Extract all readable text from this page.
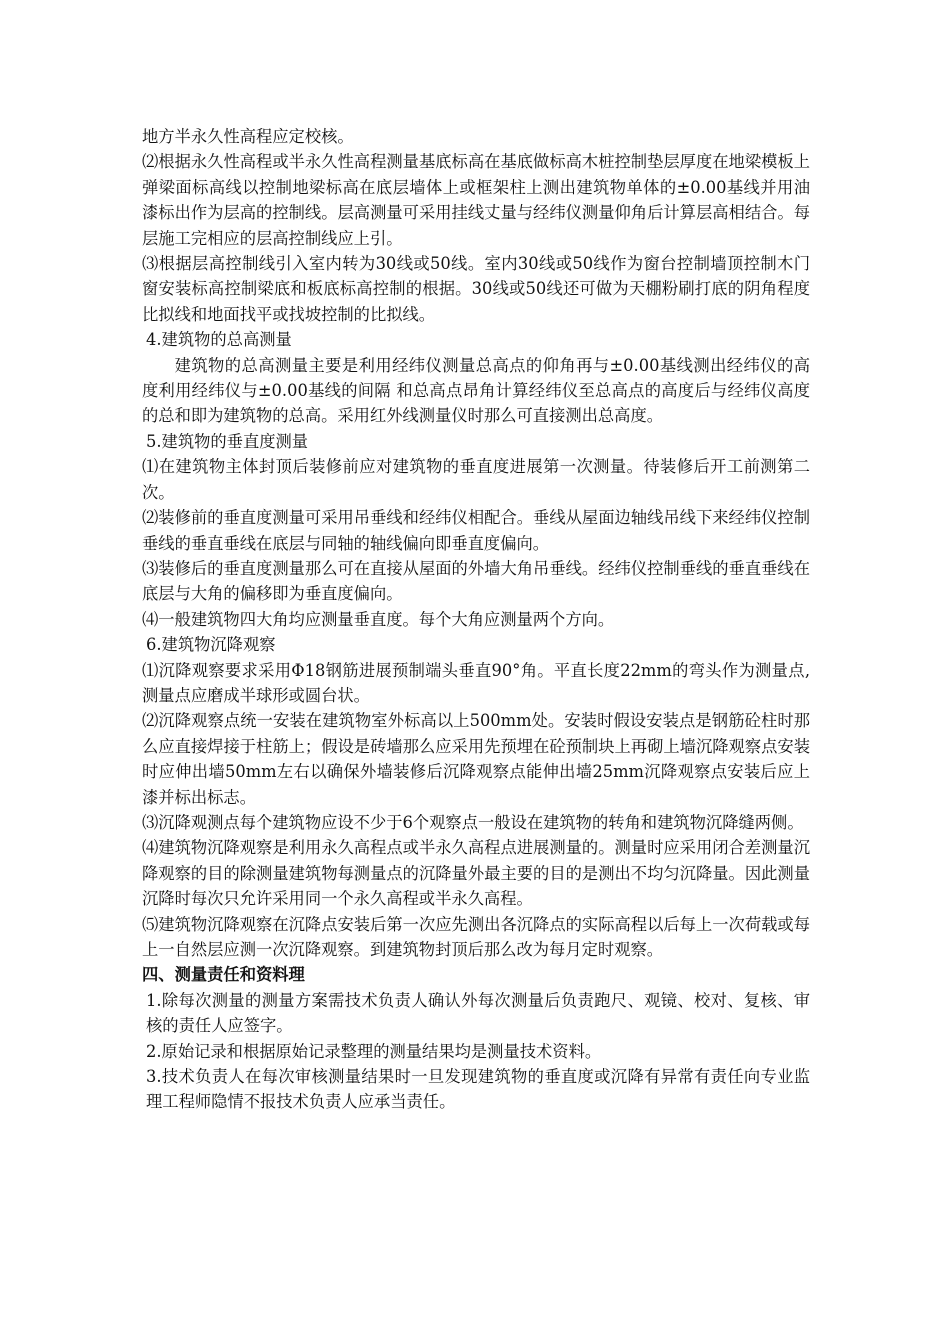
地方半永久性高程应定校核。

⑵根据永久性高程或半永久性高程测量基底标高在基底做标高木桩控制垫层厚度在地梁模板上弹梁面标高线以控制地梁标高在底层墙体上或框架柱上测出建筑物单体的±0.00基线并用油漆标出作为层高的控制线。层高测量可采用挂线丈量与经纬仪测量仰角后计算层高相结合。每层施工完相应的层高控制线应上引。

⑶根据层高控制线引入室内转为30线或50线。室内30线或50线作为窗台控制墙顶控制木门窗安装标高控制梁底和板底标高控制的根据。30线或50线还可做为天棚粉刷打底的阴角程度比拟线和地面找平或找坡控制的比拟线。

4.建筑物的总高测量

建筑物的总高测量主要是利用经纬仪测量总高点的仰角再与±0.00基线测出经纬仪的高度利用经纬仪与±0.00基线的间隔 和总高点昂角计算经纬仪至总高点的高度后与经纬仪高度的总和即为建筑物的总高。采用红外线测量仪时那么可直接测出总高度。

5.建筑物的垂直度测量

⑴在建筑物主体封顶后装修前应对建筑物的垂直度进展第一次测量。待装修后开工前测第二次。

⑵装修前的垂直度测量可采用吊垂线和经纬仪相配合。垂线从屋面边轴线吊线下来经纬仪控制垂线的垂直垂线在底层与同轴的轴线偏向即垂直度偏向。

⑶装修后的垂直度测量那么可在直接从屋面的外墙大角吊垂线。经纬仪控制垂线的垂直垂线在底层与大角的偏移即为垂直度偏向。

⑷一般建筑物四大角均应测量垂直度。每个大角应测量两个方向。

6.建筑物沉降观察

⑴沉降观察要求采用Φ18钢筋进展预制端头垂直90°角。平直长度22mm的弯头作为测量点,测量点应磨成半球形或圆台状。

⑵沉降观察点统一安装在建筑物室外标高以上500mm处。安装时假设安装点是钢筋砼柱时那么应直接焊接于柱筋上；假设是砖墙那么应采用先预埋在砼预制块上再砌上墙沉降观察点安装时应伸出墙50mm左右以确保外墙装修后沉降观察点能伸出墙25mm沉降观察点安装后应上漆并标出标志。

⑶沉降观测点每个建筑物应设不少于6个观察点一般设在建筑物的转角和建筑物沉降缝两侧。

⑷建筑物沉降观察是利用永久高程点或半永久高程点进展测量的。测量时应采用闭合差测量沉降观察的目的除测量建筑物每测量点的沉降量外最主要的目的是测出不均匀沉降量。因此测量沉降时每次只允许采用同一个永久高程或半永久高程。

⑸建筑物沉降观察在沉降点安装后第一次应先测出各沉降点的实际高程以后每上一次荷载或每上一自然层应测一次沉降观察。到建筑物封顶后那么改为每月定时观察。

四、测量责任和资料理

1.除每次测量的测量方案需技术负责人确认外每次测量后负责跑尺、观镜、校对、复核、审核的责任人应签字。

2.原始记录和根据原始记录整理的测量结果均是测量技术资料。

3.技术负责人在每次审核测量结果时一旦发现建筑物的垂直度或沉降有异常有责任向专业监理工程师隐情不报技术负责人应承当责任。
